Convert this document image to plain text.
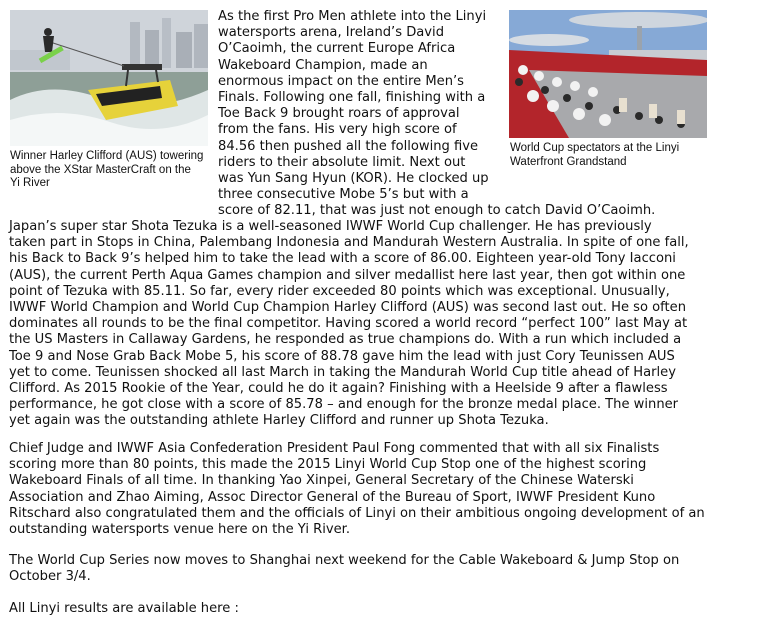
Winner Harley Clifford (AUS) towering
above the XStar MasterCraft on the
Yi River
World Cup spectators at the Linyi
Waterfront Grandstand

As the first Pro Men athlete into the Linyi

watersports arena, Ireland’s David

O’Caoimh, the current Europe Africa

Wakeboard Champion, made an

enormous impact on the entire Men’s

Finals. Following one fall, finishing with a

Toe Back 9 brought roars of approval

from the fans. His very high score of

84.56 then pushed all the following five

riders to their absolute limit. Next out

was Yun Sang Hyun (KOR). He clocked up

three consecutive Mobe 5’s but with a

score of 82.11, that was just not enough to catch David O’Caoimh.

Japan’s super star Shota Tezuka is a well-seasoned IWWF World Cup challenger. He has previously

taken part in Stops in China, Palembang Indonesia and Mandurah Western Australia. In spite of one fall,

his Back to Back 9’s helped him to take the lead with a score of 86.00. Eighteen year-old Tony Iacconi

(AUS), the current Perth Aqua Games champion and silver medallist here last year, then got within one

point of Tezuka with 85.11. So far, every rider exceeded 80 points which was exceptional. Unusually,

IWWF World Champion and World Cup Champion Harley Clifford (AUS) was second last out. He so often

dominates all rounds to be the final competitor. Having scored a world record “perfect 100” last May at

the US Masters in Callaway Gardens, he responded as true champions do. With a run which included a

Toe 9 and Nose Grab Back Mobe 5, his score of 88.78 gave him the lead with just Cory Teunissen AUS

yet to come. Teunissen shocked all last March in taking the Mandurah World Cup title ahead of Harley

Clifford. As 2015 Rookie of the Year, could he do it again? Finishing with a Heelside 9 after a flawless

performance, he got close with a score of 85.78 – and enough for the bronze medal place. The winner

yet again was the outstanding athlete Harley Clifford and runner up Shota Tezuka.

Chief Judge and IWWF Asia Confederation President Paul Fong commented that with all six Finalists

scoring more than 80 points, this made the 2015 Linyi World Cup Stop one of the highest scoring

Wakeboard Finals of all time. In thanking Yao Xinpei, General Secretary of the Chinese Waterski

Association and Zhao Aiming, Assoc Director General of the Bureau of Sport, IWWF President Kuno

Ritschard also congratulated them and the officials of Linyi on their ambitious ongoing development of an

outstanding watersports venue here on the Yi River.

The World Cup Series now moves to Shanghai next weekend for the Cable Wakeboard & Jump Stop on

October 3/4.

All Linyi results are available here :
